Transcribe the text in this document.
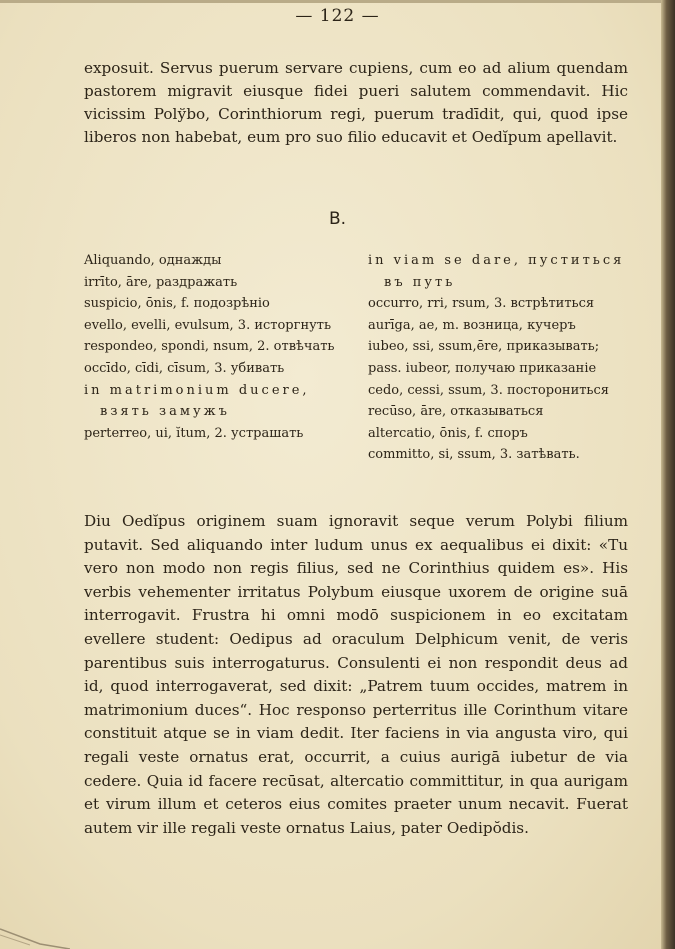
— 122 —

exposuit. Servus puerum servare cupiens, cum eo ad alium quendam pastorem migravit eiusque fidei pueri salutem commendavit. Hic vicissim Polўbo, Corinthiorum regi, puerum tradīdit, qui, quod ipse liberos non habebat, eum pro suo filio educavit et Oedĭpum apellavit.

B.

Aliquando, однажды

irrīto, āre, раздражать

suspicio, ōnis, f. подозрѣніо

evello, evelli, evulsum, 3. исторгнуть

respondeo, spondi, nsum, 2. отвѣчать

occīdo, cīdi, cīsum, 3. убивать

in matrimonium ducere, взять замужъ

perterreo, ui, ĭtum, 2. устрашать

in viam se dare, пуститься въ путь

occurro, rri, rsum, 3. встрѣтиться

aurīga, ae, m. возница, кучеръ

iubeo, ssi, ssum,ēre, приказывать;

pass. iubeor, получаю приказаніе

cedo, cessi, ssum, 3. посторониться

recūso, āre, отказываться

altercatio, ōnis, f. споръ

committo, si, ssum, 3. затѣвать.

Diu Oedĭpus originem suam ignoravit seque verum Polybi filium putavit. Sed aliquando inter ludum unus ex aequalibus ei dixit: «Tu vero non modo non regis filius, sed ne Corinthius quidem es». His verbis vehementer irritatus Polybum eiusque uxorem de origine suā interrogavit. Frustra hi omni modō suspicionem in eo excitatam evellere student: Oedipus ad oraculum Delphicum venit, de veris parentibus suis interrogaturus. Consulenti ei non respondit deus ad id, quod interrogaverat, sed dixit: „Patrem tuum occides, matrem in matrimonium duces“. Hoc responso perterritus ille Corinthum vitare constituit atque se in viam dedit. Iter faciens in via angusta viro, qui regali veste ornatus erat, occurrit, a cuius aurigā iubetur de via cedere. Quia id facere recūsat, altercatio committitur, in qua aurigam et virum illum et ceteros eius comites praeter unum necavit. Fuerat autem vir ille regali veste ornatus Laius, pater Oedipŏdis.
